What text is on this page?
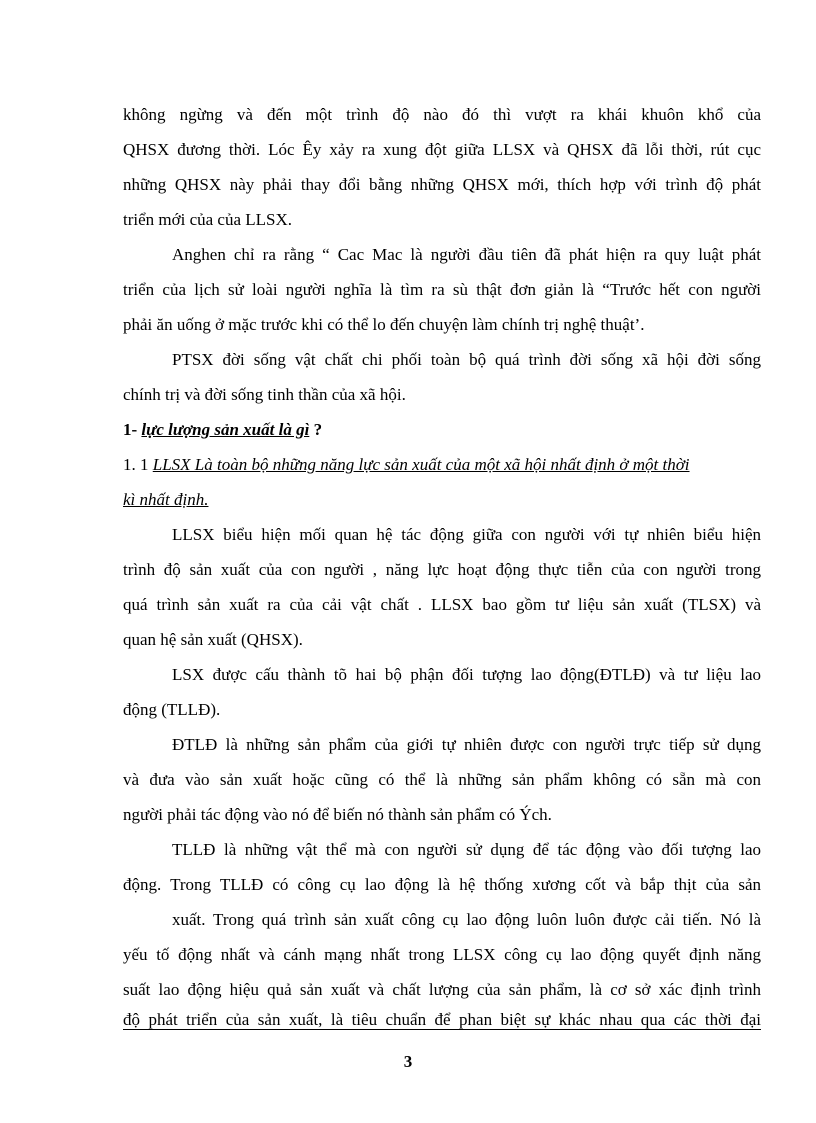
không ngừng và đến một trình độ nào đó thì vượt ra khái khuôn khổ của
QHSX đương thời. Lóc Êy xảy ra xung đột giữa LLSX và QHSX đã lỗi thời, rút cục
những QHSX này phải thay đổi bằng những QHSX mới, thích hợp với trình độ phát
triển mới của của LLSX.
Anghen chỉ ra rằng “ Cac Mac là người đầu tiên đã phát hiện ra quy luật phát
triển của lịch sử loài người nghĩa là tìm ra sù thật đơn giản là “Trước hết con người
phải ăn uống ở mặc trước khi có thể lo đến chuyện làm chính trị nghệ thuật’.
PTSX đời sống vật chất chi phối toàn bộ quá trình đời sống xã hội đời sống
chính trị và đời sống tinh thần của xã hội.
1- lực lượng sản xuất là gì ?
1. 1 LLSX Là toàn bộ những năng lực sản xuất của một xã hội nhất định ở một thời
kì nhất định.
LLSX biểu hiện mối quan hệ tác động giữa con người với tự nhiên biểu hiện
trình độ sản xuất của con người , năng lực hoạt động thực tiễn của con người trong
quá trình sản xuất ra của cải vật chất . LLSX bao gồm tư liệu sản xuất (TLSX) và
quan hệ sản xuất (QHSX).
LSX được cấu thành tõ hai bộ phận đối tượng lao động(ĐTLĐ) và tư liệu lao
động (TLLĐ).
ĐTLĐ là những sản phẩm của giới tự nhiên được con người trực tiếp sử dụng
và đưa vào sản xuất hoặc cũng có thể là những sản phẩm không có sẵn mà con
người phải tác động vào nó để biến nó thành sản phẩm có Ých.
TLLĐ là những vật thể mà con người sử dụng để tác động vào đối tượng lao
động. Trong TLLĐ có công cụ lao động là hệ thống xương cốt và bắp thịt của sản
xuất. Trong quá trình sản xuất công cụ lao động luôn luôn được cải tiến. Nó là
yếu tố động nhất và cánh mạng nhất trong LLSX công cụ lao động quyết định năng
suất lao động hiệu quả sản xuất và chất lượng của sản phẩm, là cơ sở xác định trình
độ phát triển của sản xuất, là tiêu chuẩn để phan biệt sự khác nhau qua các thời đại
3
